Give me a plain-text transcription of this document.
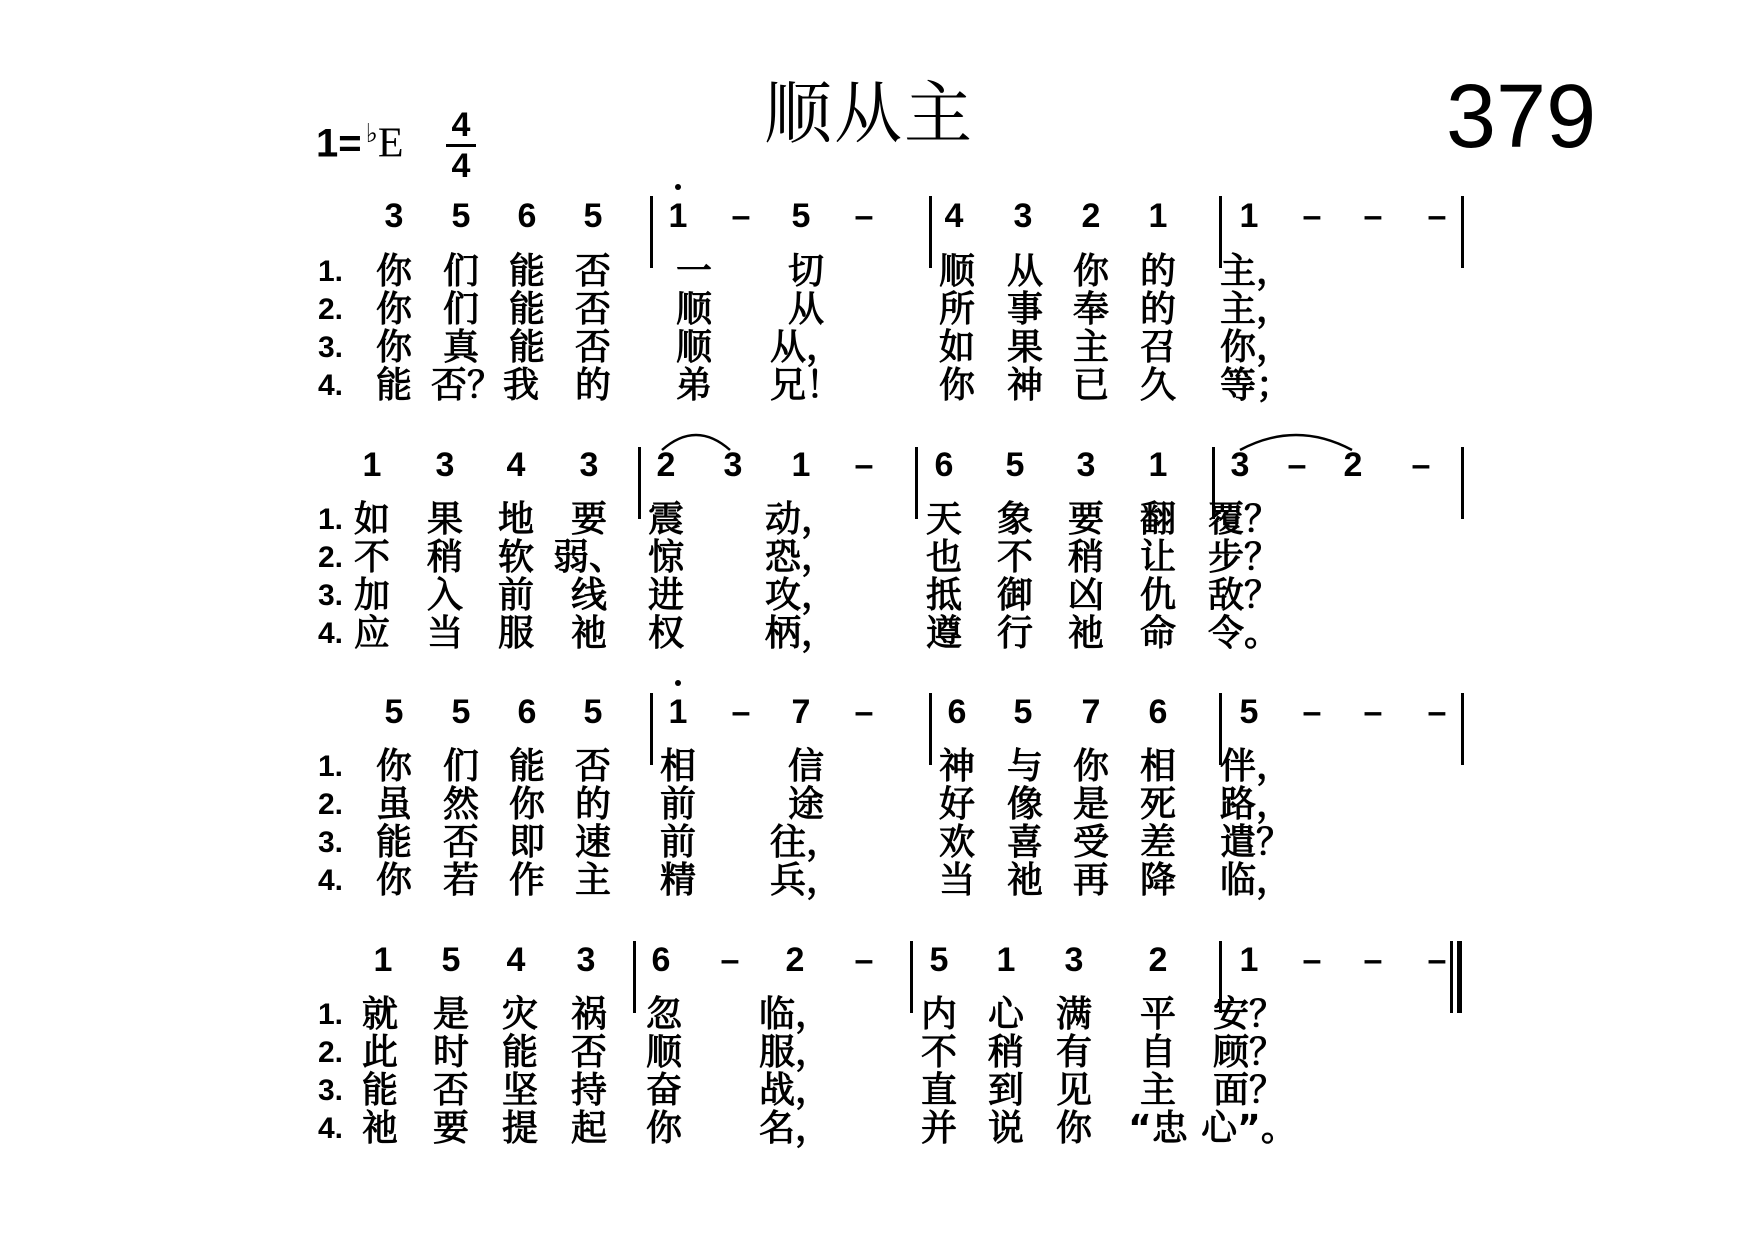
顺从主	379
1= ♭E 4
4
3	5	6	5	1	–	5	–	4	3	2	1	1	–	–	–
1. 你 们 能 否 一 切	顺 从 你 的 主，
2. 你 们 能 否 顺 从	所 事 奉 的 主，
3. 你 真 能 否 顺 从，	如 果 主 召 你，
4. 能 否？我 的 弟 兄！	你 神 已 久 等；
1	3	4	3	2	3	1	–	6	5	3	1	3	–	2	–
1. 如 果 地 要 震 动， 天 象 要 翻 覆？
2. 不 稍 软 弱、 惊 恐， 也 不 稍 让 步？
3. 加 入 前 线 进 攻， 抵 御 凶 仇 敌？
4. 应 当 服 祂 权 柄， 遵 行 祂 命 令。
5	5	6	5	1	–	7	–	6	5	7	6	5	–	–	–
1. 你 们 能 否 相	信	神 与 你 相 伴，
2. 虽 然 你 的 前	途	好 像 是 死 路，
3. 能 否 即 速 前 往，	欢 喜 受 差 遣？
4. 你 若 作 主 精 兵，	当 祂 再 降 临，
1	5	4	3	6	–	2	–	5	1	3	2	1	–	–	–
1. 就 是 灾 祸 忽 临， 内 心 满 平 安？
2. 此 时 能 否 顺 服， 不 稍 有 自 顾？
3. 能 否 坚 持 奋 战， 直 到 见 主 面？
4. 祂 要 提 起 你 名， 并 说 你 “忠 心”。
